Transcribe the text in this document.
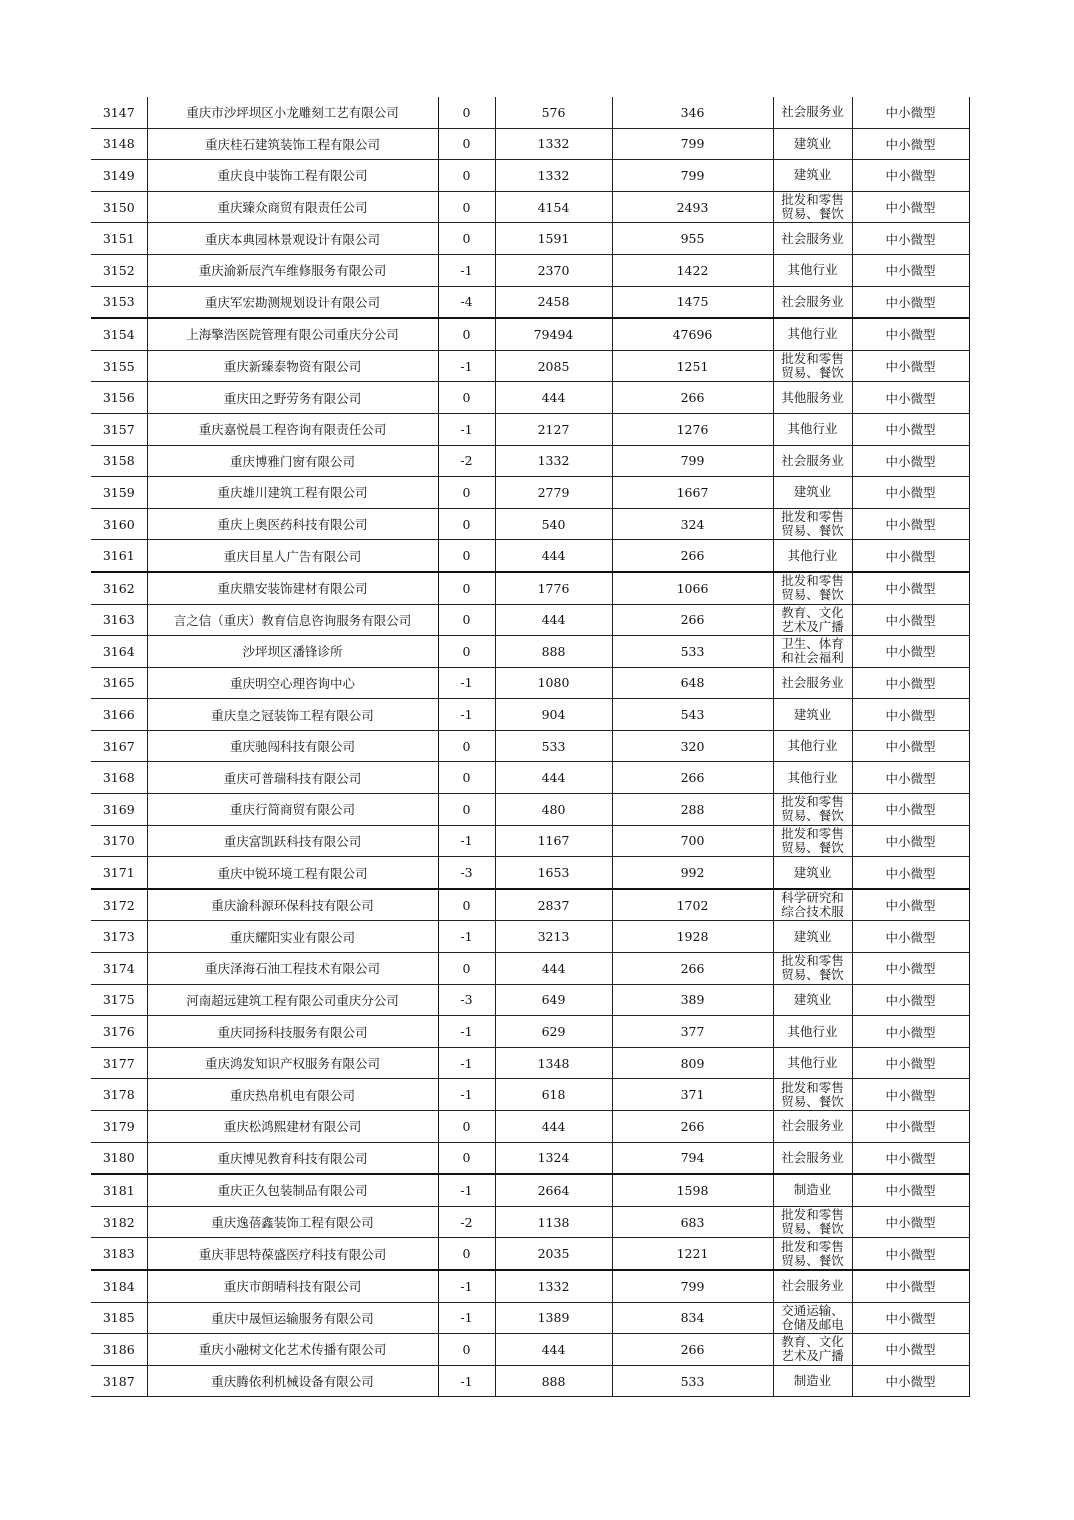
3147	重庆市沙坪坝区小龙雕刻工艺有限公司	0	576	346	社会服务业	中小微型
3148	重庆桂石建筑装饰工程有限公司	0	1332	799	建筑业	中小微型
3149	重庆良中装饰工程有限公司	0	1332	799	建筑业	中小微型
3150	重庆臻众商贸有限责任公司	0	4154	2493	批发和零售贸易、餐饮	中小微型
3151	重庆本典园林景观设计有限公司	0	1591	955	社会服务业	中小微型
3152	重庆渝新辰汽车维修服务有限公司	-1	2370	1422	其他行业	中小微型
3153	重庆军宏勘测规划设计有限公司	-4	2458	1475	社会服务业	中小微型
3154	上海擎浩医院管理有限公司重庆分公司	0	79494	47696	其他行业	中小微型
3155	重庆新臻泰物资有限公司	-1	2085	1251	批发和零售贸易、餐饮	中小微型
3156	重庆田之野劳务有限公司	0	444	266	其他服务业	中小微型
3157	重庆嘉悦晨工程咨询有限责任公司	-1	2127	1276	其他行业	中小微型
3158	重庆博雅门窗有限公司	-2	1332	799	社会服务业	中小微型
3159	重庆雄川建筑工程有限公司	0	2779	1667	建筑业	中小微型
3160	重庆上奥医药科技有限公司	0	540	324	批发和零售贸易、餐饮	中小微型
3161	重庆目星人广告有限公司	0	444	266	其他行业	中小微型
3162	重庆鼎安装饰建材有限公司	0	1776	1066	批发和零售贸易、餐饮	中小微型
3163	言之信（重庆）教育信息咨询服务有限公司	0	444	266	教育、文化艺术及广播	中小微型
3164	沙坪坝区潘锋诊所	0	888	533	卫生、体育和社会福利	中小微型
3165	重庆明空心理咨询中心	-1	1080	648	社会服务业	中小微型
3166	重庆皇之冠装饰工程有限公司	-1	904	543	建筑业	中小微型
3167	重庆驰闯科技有限公司	0	533	320	其他行业	中小微型
3168	重庆可普瑞科技有限公司	0	444	266	其他行业	中小微型
3169	重庆行简商贸有限公司	0	480	288	批发和零售贸易、餐饮	中小微型
3170	重庆富凯跃科技有限公司	-1	1167	700	批发和零售贸易、餐饮	中小微型
3171	重庆中锐环境工程有限公司	-3	1653	992	建筑业	中小微型
3172	重庆渝科源环保科技有限公司	0	2837	1702	科学研究和综合技术服	中小微型
3173	重庆耀阳实业有限公司	-1	3213	1928	建筑业	中小微型
3174	重庆泽海石油工程技术有限公司	0	444	266	批发和零售贸易、餐饮	中小微型
3175	河南超远建筑工程有限公司重庆分公司	-3	649	389	建筑业	中小微型
3176	重庆同扬科技服务有限公司	-1	629	377	其他行业	中小微型
3177	重庆鸿发知识产权服务有限公司	-1	1348	809	其他行业	中小微型
3178	重庆热帛机电有限公司	-1	618	371	批发和零售贸易、餐饮	中小微型
3179	重庆松鸿熙建材有限公司	0	444	266	社会服务业	中小微型
3180	重庆博见教育科技有限公司	0	1324	794	社会服务业	中小微型
3181	重庆正久包装制品有限公司	-1	2664	1598	制造业	中小微型
3182	重庆逸蓓鑫装饰工程有限公司	-2	1138	683	批发和零售贸易、餐饮	中小微型
3183	重庆菲思特葆盛医疗科技有限公司	0	2035	1221	批发和零售贸易、餐饮	中小微型
3184	重庆市朗晴科技有限公司	-1	1332	799	社会服务业	中小微型
3185	重庆中晟恒运输服务有限公司	-1	1389	834	交通运输、仓储及邮电	中小微型
3186	重庆小融树文化艺术传播有限公司	0	444	266	教育、文化艺术及广播	中小微型
3187	重庆腾依利机械设备有限公司	-1	888	533	制造业	中小微型
